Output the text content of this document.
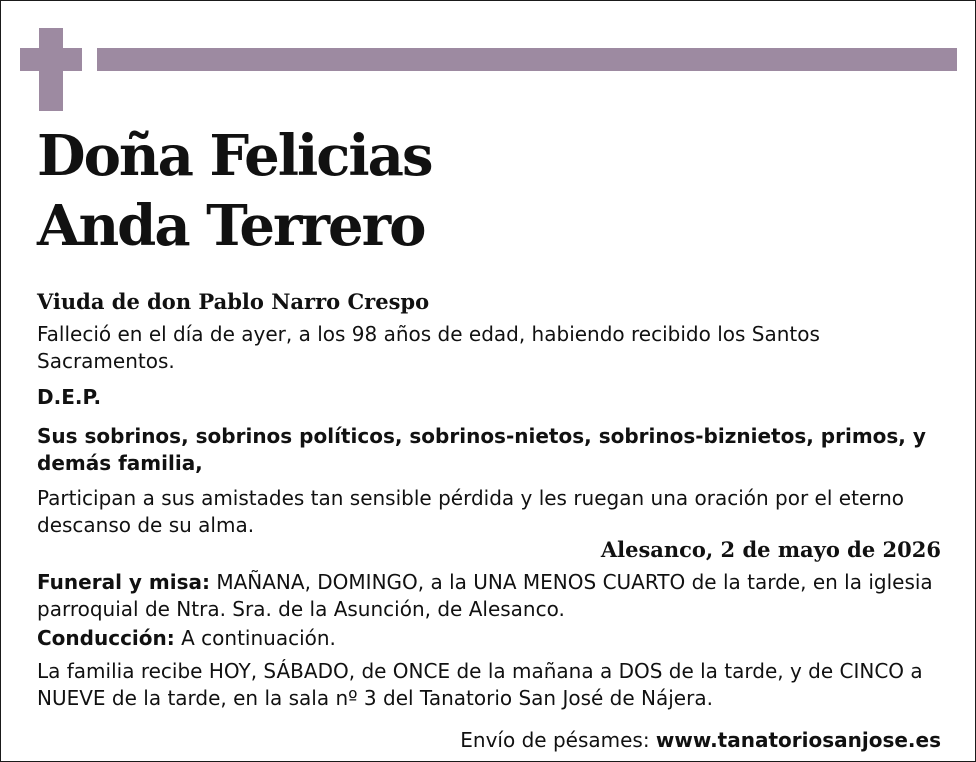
Doña Felicias
Anda Terrero

Viuda de don Pablo Narro Crespo

Falleció en el día de ayer, a los 98 años de edad, habiendo recibido los Santos Sacramentos.

D.E.P.

Sus sobrinos, sobrinos políticos, sobrinos-nietos, sobrinos-biznietos, primos, y demás familia,

Participan a sus amistades tan sensible pérdida y les ruegan una oración por el eterno descanso de su alma.

Alesanco, 2 de mayo de 2026

Funeral y misa: MAÑANA, DOMINGO, a la UNA MENOS CUARTO de la tarde, en la iglesia parroquial de Ntra. Sra. de la Asunción, de Alesanco.

Conducción: A continuación.

La familia recibe HOY, SÁBADO, de ONCE de la mañana a DOS de la tarde, y de CINCO a NUEVE de la tarde, en la sala nº 3 del Tanatorio San José de Nájera.

Envío de pésames: www.tanatoriosanjose.es
